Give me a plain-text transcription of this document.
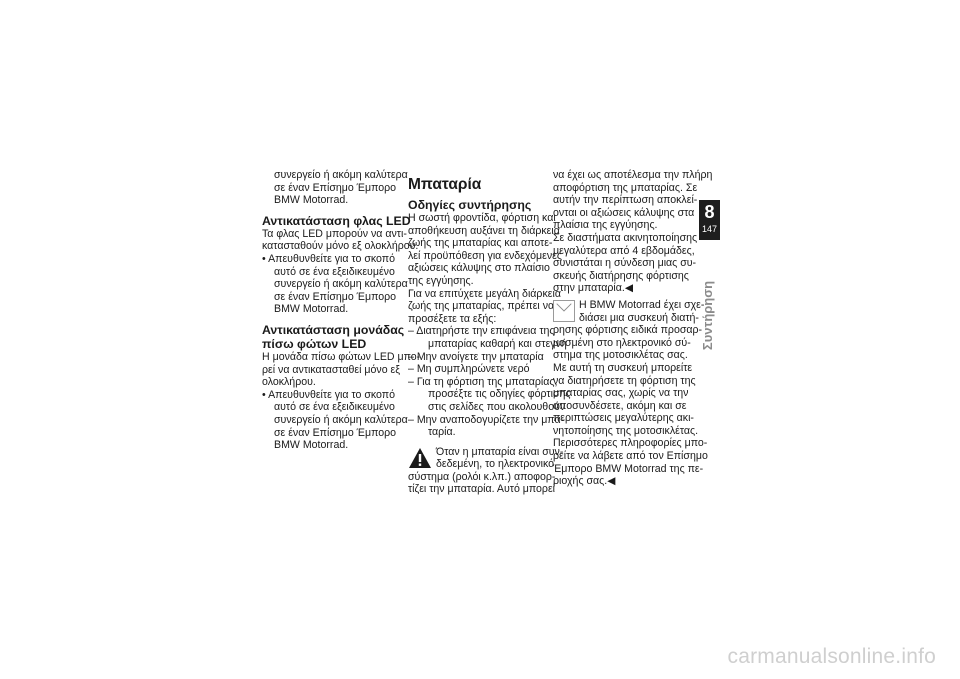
συνεργείο ή ακόμη καλύτερα
σε έναν Επίσημο Έμπορο
BMW Motorrad.
Αντικατάσταση φλας LED
Τα φλας LED μπορούν να αντι-
κατασταθούν μόνο εξ ολοκλήρου.
• Απευθυνθείτε για το σκοπό
αυτό σε ένα εξειδικευμένο
συνεργείο ή ακόμη καλύτερα
σε έναν Επίσημο Έμπορο
BMW Motorrad.
Αντικατάσταση μονάδας
πίσω φώτων LED
Η μονάδα πίσω φώτων LED μπο-
ρεί να αντικατασταθεί μόνο εξ
ολοκλήρου.
• Απευθυνθείτε για το σκοπό
αυτό σε ένα εξειδικευμένο
συνεργείο ή ακόμη καλύτερα
σε έναν Επίσημο Έμπορο
BMW Motorrad.
Μπαταρία
Οδηγίες συντήρησης
Η σωστή φροντίδα, φόρτιση και
αποθήκευση αυξάνει τη διάρκεια
ζωής της μπαταρίας και αποτε-
λεί προϋπόθεση για ενδεχόμενες
αξιώσεις κάλυψης στο πλαίσιο
της εγγύησης.
Για να επιτύχετε μεγάλη διάρκεια
ζωής της μπαταρίας, πρέπει να
προσέξετε τα εξής:
– Διατηρήστε την επιφάνεια της
μπαταρίας καθαρή και στεγνή
– Μην ανοίγετε την μπαταρία
– Μη συμπληρώνετε νερό
– Για τη φόρτιση της μπαταρίας,
προσέξτε τις οδηγίες φόρτισης
στις σελίδες που ακολουθούν
– Μην αναποδογυρίζετε την μπα-
ταρία.
Όταν η μπαταρία είναι συν-
δεδεμένη, το ηλεκτρονικό
σύστημα (ρολόι κ.λπ.) αποφορ-
τίζει την μπαταρία. Αυτό μπορεί
να έχει ως αποτέλεσμα την πλήρη
αποφόρτιση της μπαταρίας. Σε
αυτήν την περίπτωση αποκλεί-
ονται οι αξιώσεις κάλυψης στα
πλαίσια της εγγύησης.
Σε διαστήματα ακινητοποίησης
μεγαλύτερα από 4 εβδομάδες,
συνιστάται η σύνδεση μιας συ-
σκευής διατήρησης φόρτισης
στην μπαταρία.◀
Η BMW Motorrad έχει σχε-
διάσει μια συσκευή διατή-
ρησης φόρτισης ειδικά προσαρ-
μοσμένη στο ηλεκτρονικό σύ-
στημα της μοτοσικλέτας σας.
Με αυτή τη συσκευή μπορείτε
να διατηρήσετε τη φόρτιση της
μπαταρίας σας, χωρίς να την
αποσυνδέσετε, ακόμη και σε
περιπτώσεις μεγαλύτερης ακι-
νητοποίησης της μοτοσικλέτας.
Περισσότερες πληροφορίες μπο-
ρείτε να λάβετε από τον Επίσημο
Έμπορο BMW Motorrad της πε-
ριοχής σας.◀
8
147
Συντήρηση
carmanualsonline.info
